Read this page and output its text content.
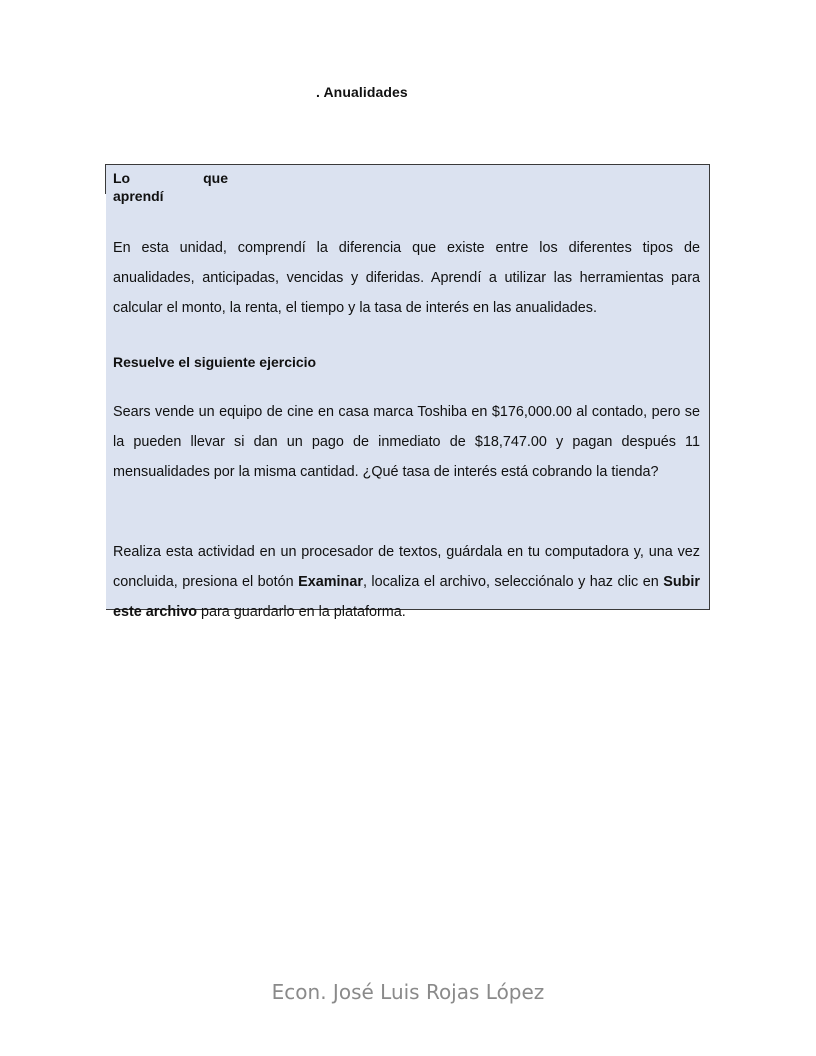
. Anualidades
Lo	que
aprendí
En esta unidad, comprendí la diferencia que existe entre los diferentes tipos de anualidades, anticipadas, vencidas y diferidas. Aprendí a utilizar las herramientas para calcular el monto, la renta, el tiempo y la tasa de interés en las anualidades.
Resuelve el siguiente ejercicio
Sears vende un equipo de cine en casa marca Toshiba en $176,000.00 al contado, pero se la pueden llevar si dan un pago de inmediato de $18,747.00 y pagan después 11 mensualidades por la misma cantidad. ¿Qué tasa de interés está cobrando la tienda?
Realiza esta actividad en un procesador de textos, guárdala en tu computadora y, una vez concluida, presiona el botón Examinar, localiza el archivo, selecciónalo y haz clic en Subir este archivo para guardarlo en la plataforma.
Econ. José Luis Rojas López
